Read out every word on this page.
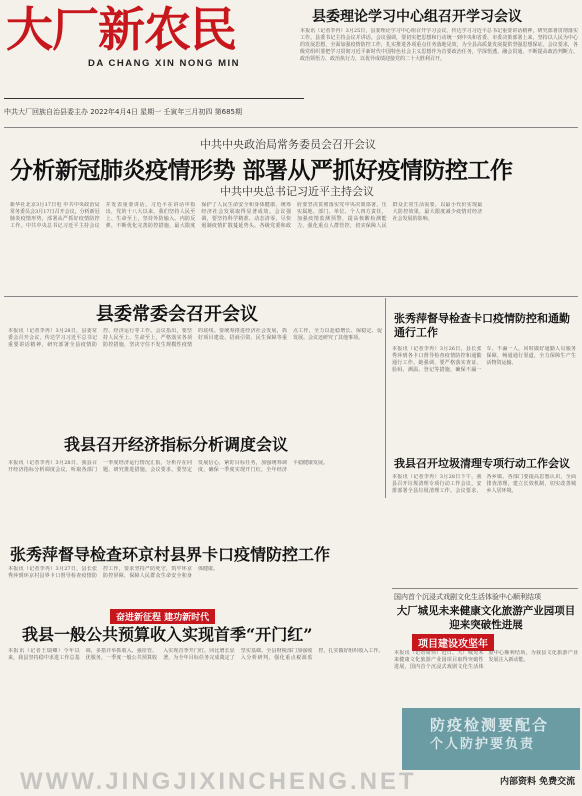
大厂新农民
DA CHANG XIN NONG MIN
中共大厂回族自治县委主办 2022年4月4日 星期一 壬寅年三月初四 第685期
县委理论学习中心组召开学习会议
本报讯（记者李冉）3月25日，县委理论学习中心组召开学习会议，传达学习习近平总书记重要讲话精神，研究部署贯彻落实工作。县委书记主持会议并讲话。会议强调，要切实把思想和行动统一到中央和省委、市委决策部署上来，坚持以人民为中心的发展思想，全面加强疫情防控工作，扎实推进各项重点任务落地见效，为全县高质量发展提供坚强思想保证。会议要求，各级党组织要把学习贯彻习近平新时代中国特色社会主义思想作为首要政治任务，学深悟透、融会贯通，不断提高政治判断力、政治领悟力、政治执行力，以优异成绩迎接党的二十大胜利召开。
中共中央政治局常务委员会召开会议
分析新冠肺炎疫情形势 部署从严抓好疫情防控工作
中共中央总书记习近平主持会议
新华社北京3月17日电 中共中央政治局常务委员会3月17日召开会议，分析新冠肺炎疫情形势，部署从严抓好疫情防控工作。中共中央总书记习近平主持会议并发表重要讲话。习近平在讲话中指出，党的十八大以来，我们坚持人民至上、生命至上，坚持外防输入、内防反弹，不断优化完善防控措施，最大限度保护了人民生命安全和身体健康，统筹经济社会发展取得显著成效。会议强调，要坚持科学精准、动态清零，尽快遏制疫情扩散蔓延势头。各级党委和政府要坚决贯彻落实党中央决策部署，压实属地、部门、单位、个人四方责任，加强疫情监测预警，提高核酸检测能力，强化重点人群管控，切实保障人民群众正常生活需要，以最小代价实现最大防控效果，最大限度减少疫情对经济社会发展的影响。
县委常委会召开会议
本报讯（记者李冉）3月28日，县委常委会召开会议，传达学习习近平总书记重要讲话精神，研究部署全县疫情防控、经济运行等工作。会议指出，要坚持人民至上、生命至上，严格落实各项防控措施，坚决守住不发生规模性疫情的底线。要统筹推进经济社会发展，抓好项目建设、招商引资、民生保障等重点工作，全力以赴稳增长、保稳定、促发展。会议还研究了其他事项。
张秀萍督导检查卡口疫情防控和通勤通行工作
本报讯（记者李冉）3月26日，县长张秀萍到各卡口督导检查疫情防控和通勤通行工作。她强调，要严格落实查证、验码、测温、登记等措施，确保不漏一车、不漏一人，同时做好通勤人员服务保障，畅通通行渠道，全力保障生产生活物资运输。
我县召开经济指标分析调度会议
本报讯（记者李冉）3月28日，我县召开经济指标分析调度会议，听取各部门一季度经济运行情况汇报，分析存在问题，研究推进措施。会议要求，要坚定发展信心，紧盯目标任务，加强统筹调度，确保一季度实现开门红，全年经济平稳健康发展。	我县召开垃圾清理专项行动工作会议
本报讯（记者李冉）3月28日下午，我县召开垃圾清理专项行动工作会议，安排部署全县垃圾清理工作。会议要求，各乡镇、各部门要提高思想认识，全面排查清理，建立长效机制，切实改善城乡人居环境。
张秀萍督导检查环京村县界卡口疫情防控工作
本报讯（记者李冉）3月27日，县长张秀萍到环京村县界卡口督导检查疫情防控工作，要求坚持严防死守，筑牢环京防控屏障，保障人民群众生命安全和身体健康。
国内首个沉浸式戏剧文化生活体验中心顺利结项
大厂城见未来健康文化旅游产业园项目迎来突破性进展
项目建设攻坚年
本报讯（记者周伟）近日，大厂城见未来健康文化旅游产业园项目取得突破性进展，国内首个沉浸式戏剧文化生活体验中心顺利结项，为我县文化旅游产业发展注入新动能。
奋进新征程 建功新时代
我县一般公共预算收入实现首季“开门红”
本报讯（记者王瑞卿）今年以来，我县坚持稳中求进工作总基调，多措并举抓收入、强征管、优服务，一季度一般公共预算收入实现首季开门红，同比增长显著，为全年目标任务完成奠定了坚实基础。全县财税部门加强收入分析研判，强化重点税源监控，扎实做好组织收入工作。
防疫检测要配合
个人防护要负责
内部资料 免费交流
WWW.JINGJIXINCHENG.NET
